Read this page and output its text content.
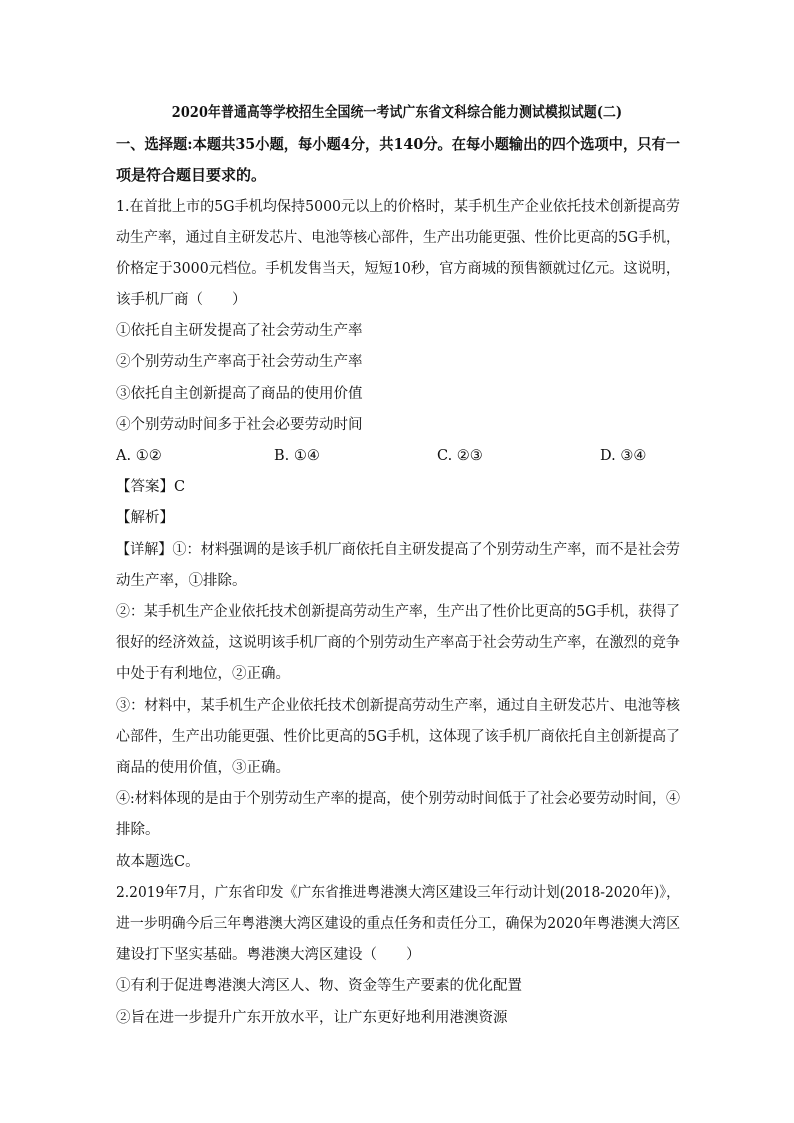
2020年普通高等学校招生全国统一考试广东省文科综合能力测试模拟试题(二)
一、选择题:本题共35小题，每小题4分，共140分。在每小题输出的四个选项中，只有一
项是符合题目要求的。
1.在首批上市的5G手机均保持5000元以上的价格时，某手机生产企业依托技术创新提高劳
动生产率，通过自主研发芯片、电池等核心部件，生产出功能更强、性价比更高的5G手机，
价格定于3000元档位。手机发售当天，短短10秒，官方商城的预售额就过亿元。这说明，
该手机厂商（　　）
①依托自主研发提高了社会劳动生产率
②个别劳动生产率高于社会劳动生产率
③依托自主创新提高了商品的使用价值
④个别劳动时间多于社会必要劳动时间
A. ①②	B. ①④	C. ②③	D. ③④
【答案】C
【解析】
【详解】①：材料强调的是该手机厂商依托自主研发提高了个别劳动生产率，而不是社会劳
动生产率，①排除。
②：某手机生产企业依托技术创新提高劳动生产率，生产出了性价比更高的5G手机，获得了
很好的经济效益，这说明该手机厂商的个别劳动生产率高于社会劳动生产率，在激烈的竞争
中处于有利地位，②正确。
③：材料中，某手机生产企业依托技术创新提高劳动生产率，通过自主研发芯片、电池等核
心部件，生产出功能更强、性价比更高的5G手机，这体现了该手机厂商依托自主创新提高了
商品的使用价值，③正确。
④:材料体现的是由于个别劳动生产率的提高，使个别劳动时间低于了社会必要劳动时间，④
排除。
故本题选C。
2.2019年7月，广东省印发《广东省推进粤港澳大湾区建设三年行动计划(2018-2020年)》，
进一步明确今后三年粤港澳大湾区建设的重点任务和责任分工，确保为2020年粤港澳大湾区
建设打下坚实基础。粤港澳大湾区建设（　　）
①有利于促进粤港澳大湾区人、物、资金等生产要素的优化配置
②旨在进一步提升广东开放水平，让广东更好地利用港澳资源
